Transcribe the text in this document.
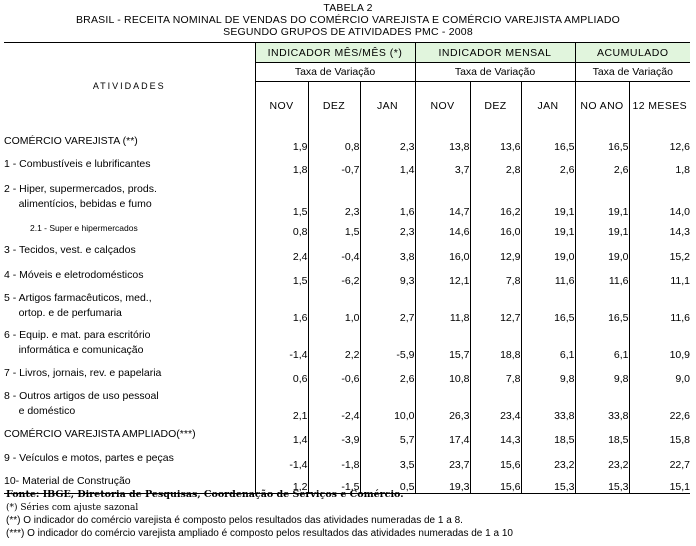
TABELA 2
BRASIL - RECEITA NOMINAL DE VENDAS DO COMÉRCIO VAREJISTA E COMÉRCIO VAREJISTA AMPLIADO
SEGUNDO GRUPOS DE ATIVIDADES PMC - 2008
ATIVIDADES	INDICADOR MÊS/MÊS (*)			INDICADOR MENSAL			ACUMULADO	
	Taxa de Variação			Taxa de Variação			Taxa de Variação	
	NOV	DEZ	JAN	NOV	DEZ	JAN	NO ANO	12 MESES

COMÉRCIO VAREJISTA (**)	1,9	0,8	2,3	13,8	13,6	16,5	16,5	12,6

1 - Combustíveis e lubrificantes	1,8	-0,7	1,4	3,7	2,8	2,6	2,6	1,8

2 - Hiper, supermercados, prods.
alimentícios, bebidas e fumo	1,5	2,3	1,6	14,7	16,2	19,1	19,1	14,0

2.1 - Super e hipermercados	0,8	1,5	2,3	14,6	16,0	19,1	19,1	14,3

3 - Tecidos, vest. e calçados	2,4	-0,4	3,8	16,0	12,9	19,0	19,0	15,2

4 - Móveis e eletrodomésticos	1,5	-6,2	9,3	12,1	7,8	11,6	11,6	11,1

5 - Artigos farmacêuticos, med.,
ortop. e de perfumaria	1,6	1,0	2,7	11,8	12,7	16,5	16,5	11,6

6 - Equip. e mat. para escritório
informática e comunicação	-1,4	2,2	-5,9	15,7	18,8	6,1	6,1	10,9

7 - Livros, jornais, rev. e papelaria	0,6	-0,6	2,6	10,8	7,8	9,8	9,8	9,0

8 - Outros artigos de uso pessoal
e doméstico	2,1	-2,4	10,0	26,3	23,4	33,8	33,8	22,6

COMÉRCIO VAREJISTA AMPLIADO(***)	1,4	-3,9	5,7	17,4	14,3	18,5	18,5	15,8

9 - Veículos e motos, partes e peças	-1,4	-1,8	3,5	23,7	15,6	23,2	23,2	22,7

10- Material de Construção	1,2	-1,5	0,5	19,3	15,6	15,3	15,3	15,1
Fonte: IBGE, Diretoria de Pesquisas, Coordenação de Serviços e Comércio.
(*) Séries com ajuste sazonal
(**) O indicador do comércio varejista é composto pelos resultados das atividades numeradas de 1 a 8.
(***) O indicador do comércio varejista ampliado é composto pelos resultados das atividades numeradas de 1 a 10
